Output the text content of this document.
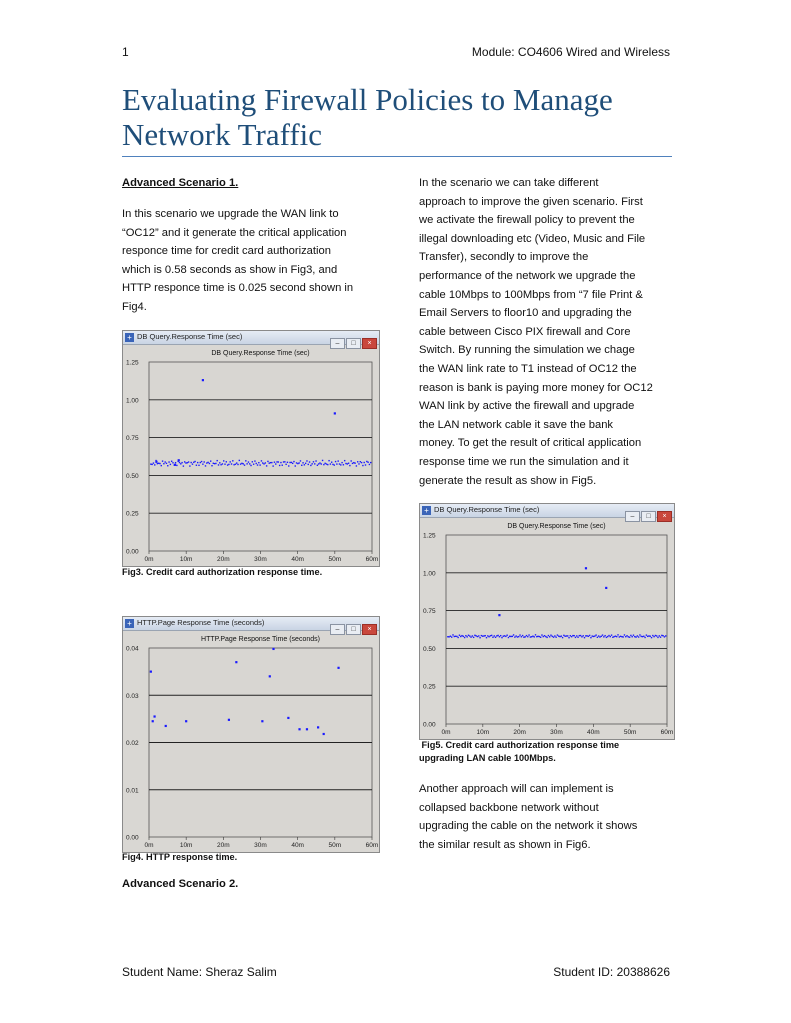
1	Module: CO4606 Wired and Wireless
Evaluating Firewall Policies to Manage
Network Traffic
Advanced Scenario 1.
In this scenario we upgrade the WAN link to
“OC12” and it generate the critical application
responce time for credit card authorization
which is 0.58 seconds as show in Fig3, and
HTTP responce time is 0.025 second shown in
Fig4.
+ DB Query.Response Time (sec)
– □ ×
DB Query.Response Time (sec)
0.00
0.25
0.50
0.75
1.00
1.25
0m	10m	20m	30m	40m	50m	60m
Fig3. Credit card authorization response time.
+ HTTP.Page Response Time (seconds)
– □ ×
HTTP.Page Response Time (seconds)
0.00
0.01
0.02
0.03
0.04
0m	10m	20m	30m	40m	50m	60m
Fig4. HTTP response time.
Advanced Scenario 2.
In the scenario we can take different
approach to improve the given scenario. First
we activate the firewall policy to prevent the
illegal downloading etc (Video, Music and File
Transfer), secondly to improve the
performance of the network we upgrade the
cable 10Mbps to 100Mbps from “7 file Print &
Email Servers to floor10 and upgrading the
cable between Cisco PIX firewall and Core
Switch. By running the simulation we chage
the WAN link rate to T1 instead of OC12 the
reason is bank is paying more money for OC12
WAN link by active the firewall and upgrade
the LAN network cable it save the bank
money. To get the result of critical application
response time we run the simulation and it
generate the result as show in Fig5.
+ DB Query.Response Time (sec)
– □ ×
DB Query.Response Time (sec)
0.00
0.25
0.50
0.75
1.00
1.25
0m	10m	20m	30m	40m	50m	60m
Fig5. Credit card authorization response time
upgrading LAN cable 100Mbps.
Another approach will can implement is
collapsed backbone network without
upgrading the cable on the network it shows
the similar result as shown in Fig6.
Student Name: Sheraz Salim	Student ID: 20388626
